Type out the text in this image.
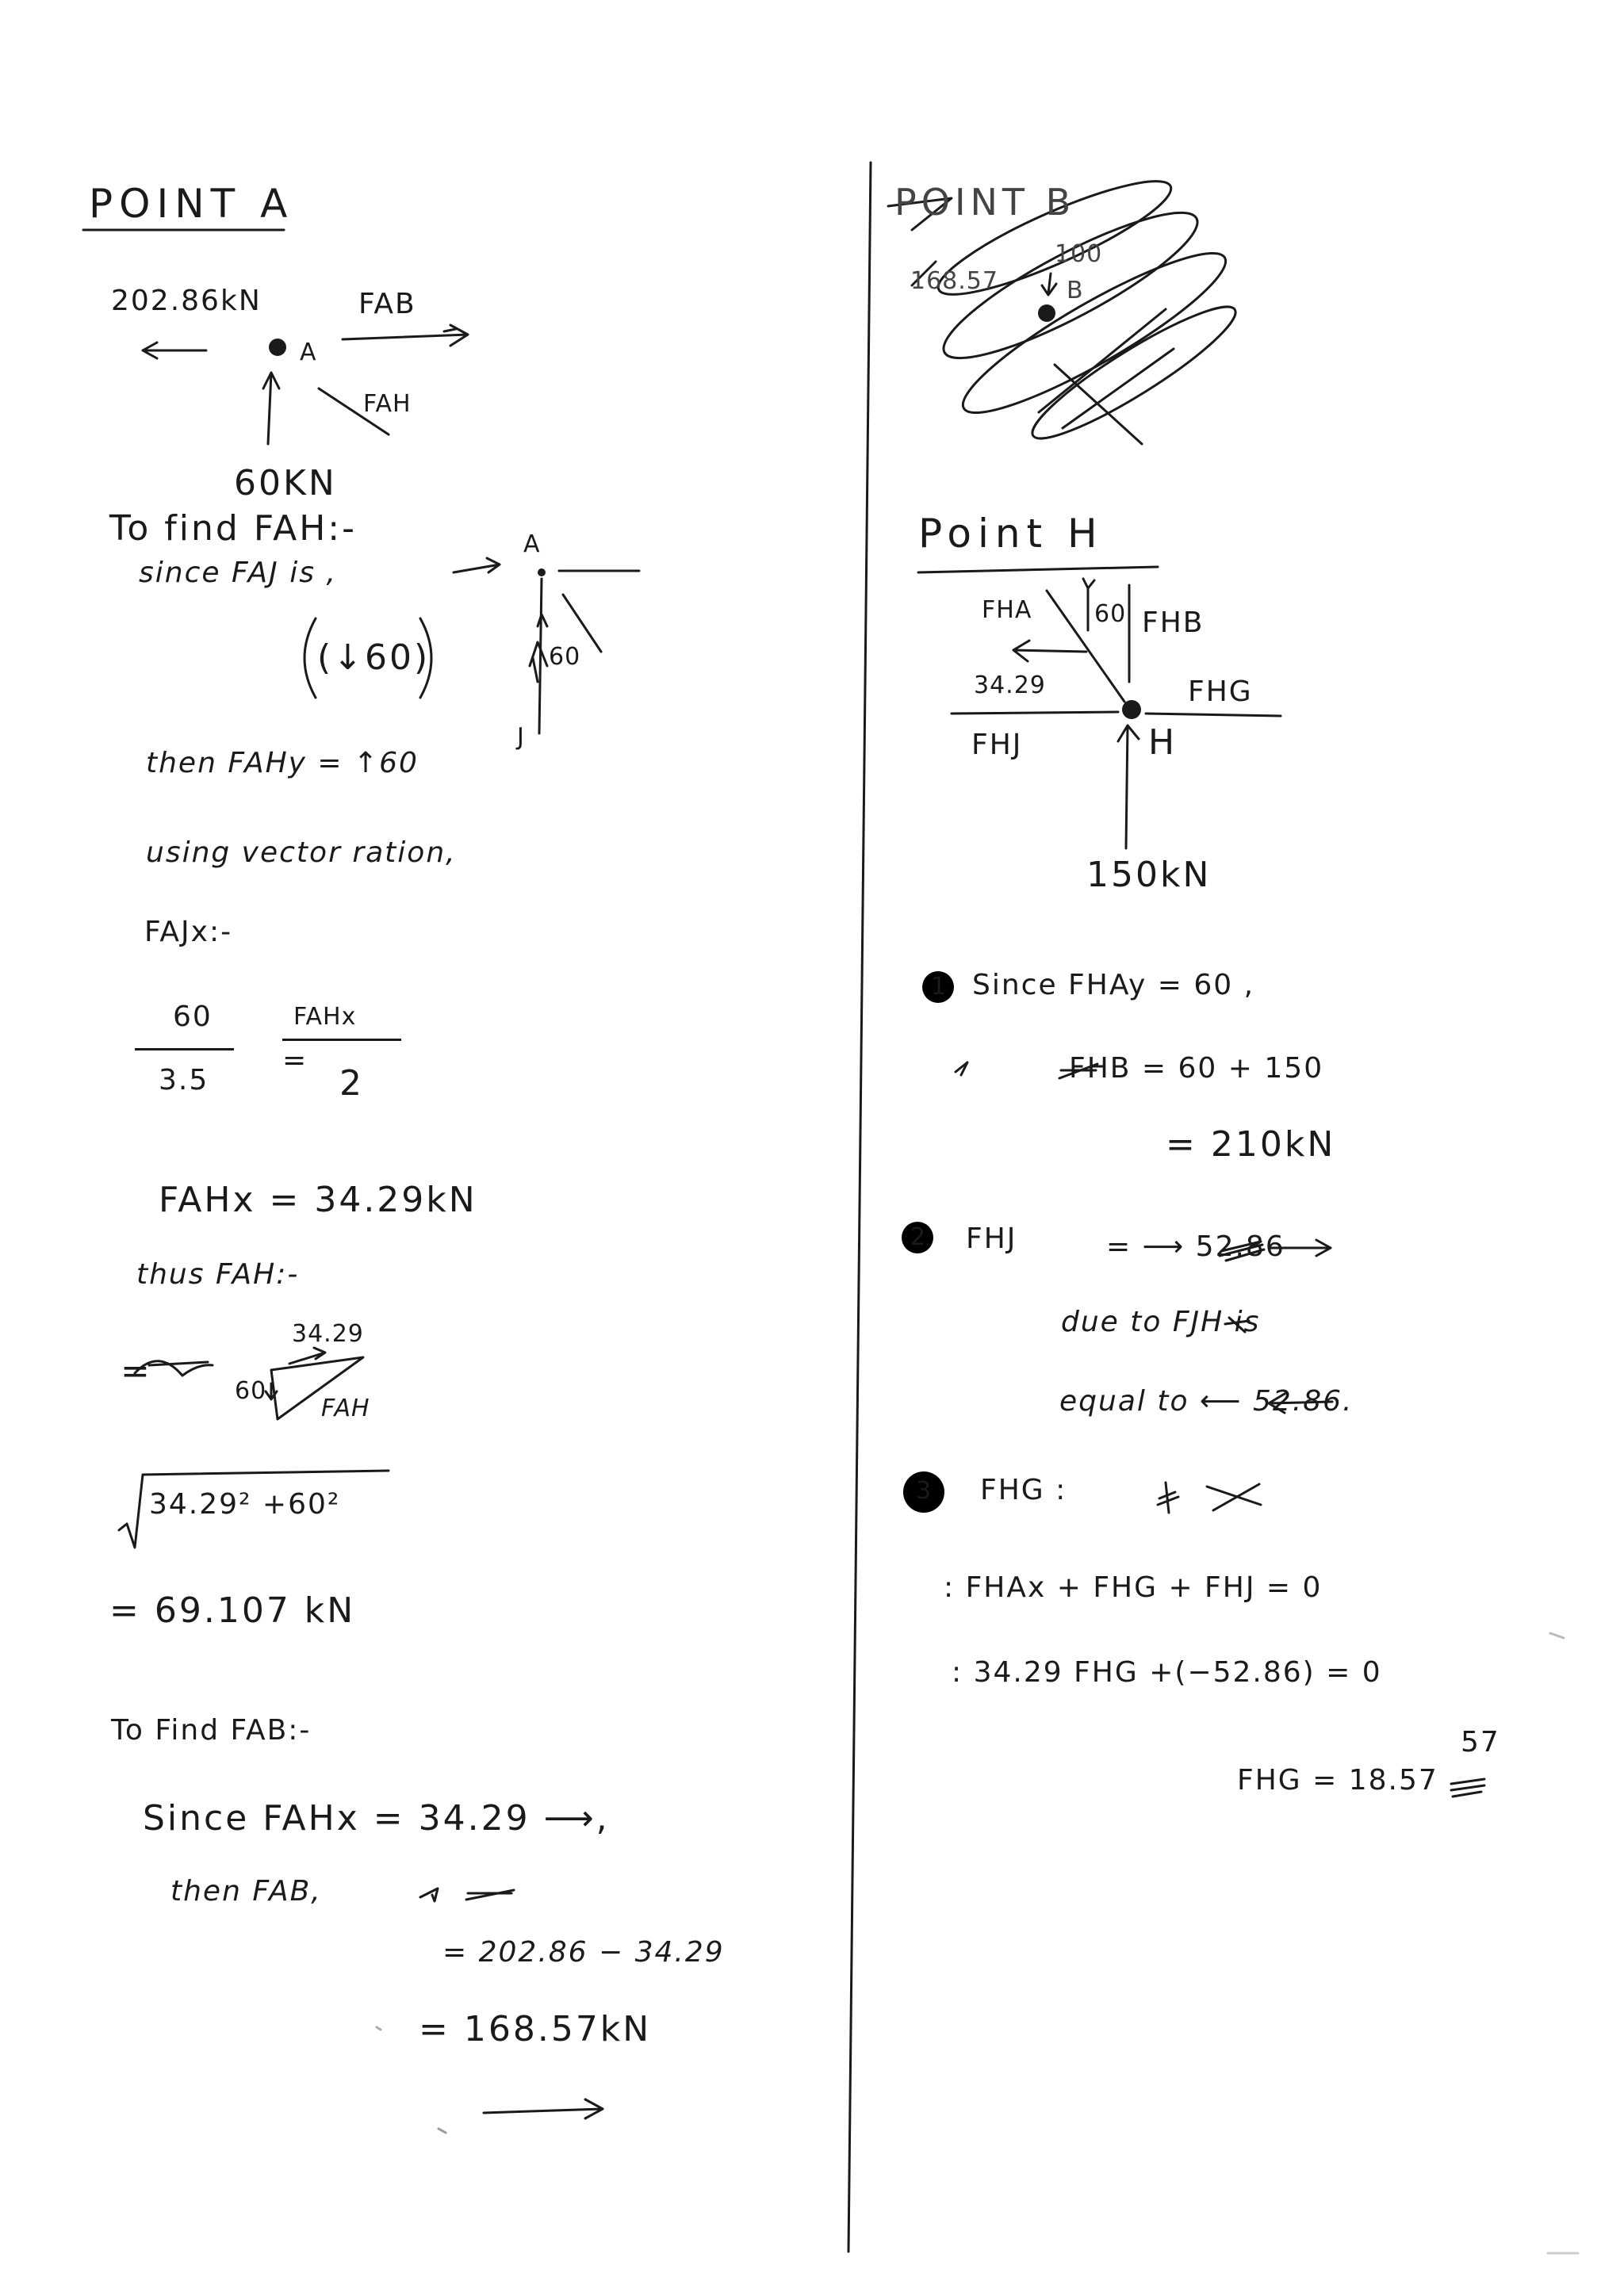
POINT A
202.86kN	FAB
A
FAH
60KN
To find FAH:-
since FAJ is ,
(↓60)
A
60
J
then FAHy = ↑60
using vector ration,
FAJx:-
60
3.5
=
FAHx
2
FAHx = 34.29kN
thus FAH:-
=
34.29
60
FAH
34.29² +60²
= 69.107 kN
To Find FAB:-
Since FAHx = 34.29 ⟶,
then FAB,
= 202.86 − 34.29
= 168.57kN
POINT B
168.57
100
B
Point H
FHA	60 FHB
34.29	FHG
FHJ	H
150kN
1 Since FHAy = 60 ,
FHB = 60 + 150
= 210kN
2 FHJ	= ⟶ 52.86
due to FJH is
equal to ⟵ 52.86.
3 FHG :
: FHAx + FHG + FHJ = 0
: 34.29 FHG +(−52.86) = 0
57
FHG = 18.57
